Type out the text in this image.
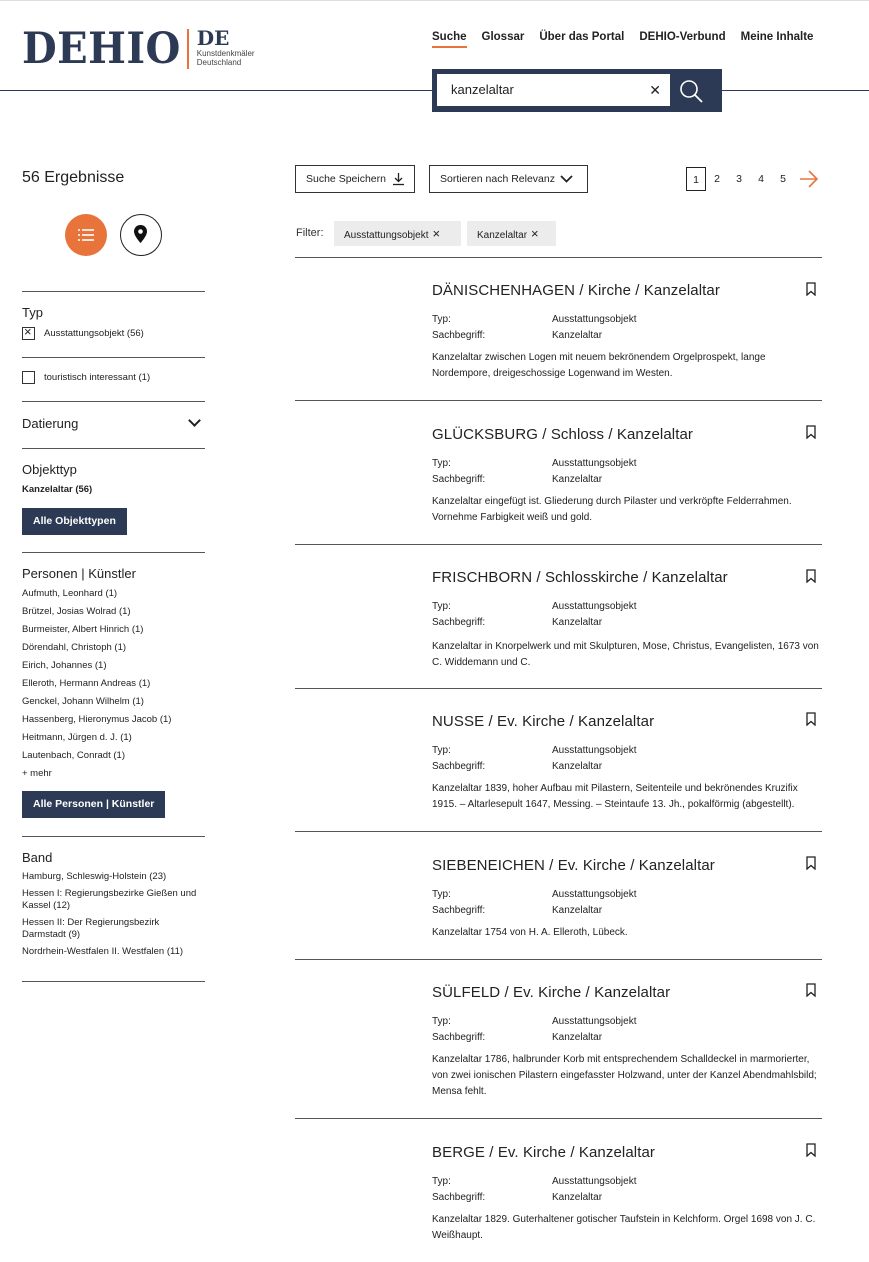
DEHIO DE
Kunstdenkmäler
Deutschland
Suche Glossar Über das Portal DEHIO-Verbund Meine Inhalte
kanzelaltar	✕
56 Ergebnisse
Typ
×
Ausstattungsobjekt (56)
touristisch interessant (1)
Datierung
Objekttyp
Kanzelaltar (56)
Alle Objekttypen
Personen | Künstler
Aufmuth, Leonhard (1)
Brützel, Josias Wolrad (1)
Burmeister, Albert Hinrich (1)
Dörendahl, Christoph (1)
Eirich, Johannes (1)
Elleroth, Hermann Andreas (1)
Genckel, Johann Wilhelm (1)
Hassenberg, Hieronymus Jacob (1)
Heitmann, Jürgen d. J. (1)
Lautenbach, Conradt (1)
+ mehr
Alle Personen | Künstler
Band
Hamburg, Schleswig-Holstein (23)
Hessen I: Regierungsbezirke Gießen und Kassel (12)
Hessen II: Der Regierungsbezirk Darmstadt (9)
Nordrhein-Westfalen II. Westfalen (11)
Suche Speichern	Sortieren nach Relevanz	1	2	3	4	5
Filter:	Ausstattungsobjekt ×	Kanzelaltar ×
DÄNISCHENHAGEN / Kirche / Kanzelaltar
Typ:	Ausstattungsobjekt
Sachbegriff:	Kanzelaltar
Kanzelaltar zwischen Logen mit neuem bekrönendem Orgelprospekt, lange Nordempore, dreigeschossige Logenwand im Westen.
GLÜCKSBURG / Schloss / Kanzelaltar
Typ:	Ausstattungsobjekt
Sachbegriff:	Kanzelaltar
Kanzelaltar eingefügt ist. Gliederung durch Pilaster und verkröpfte Felderrahmen. Vornehme Farbigkeit weiß und gold.
FRISCHBORN / Schlosskirche / Kanzelaltar
Typ:	Ausstattungsobjekt
Sachbegriff:	Kanzelaltar
Kanzelaltar in Knorpelwerk und mit Skulpturen, Mose, Christus, Evangelisten, 1673 von C. Widdemann und C.
NUSSE / Ev. Kirche / Kanzelaltar
Typ:	Ausstattungsobjekt
Sachbegriff:	Kanzelaltar
Kanzelaltar 1839, hoher Aufbau mit Pilastern, Seitenteile und bekrönendes Kruzifix 1915. – Altarlesepult 1647, Messing. – Steintaufe 13. Jh., pokalförmig (abgestellt).
SIEBENEICHEN / Ev. Kirche / Kanzelaltar
Typ:	Ausstattungsobjekt
Sachbegriff:	Kanzelaltar
Kanzelaltar 1754 von H. A. Elleroth, Lübeck.
SÜLFELD / Ev. Kirche / Kanzelaltar
Typ:	Ausstattungsobjekt
Sachbegriff:	Kanzelaltar
Kanzelaltar 1786, halbrunder Korb mit entsprechendem Schalldeckel in marmorierter, von zwei ionischen Pilastern eingefasster Holzwand, unter der Kanzel Abendmahlsbild; Mensa fehlt.
BERGE / Ev. Kirche / Kanzelaltar
Typ:	Ausstattungsobjekt
Sachbegriff:	Kanzelaltar
Kanzelaltar 1829. Guterhaltener gotischer Taufstein in Kelchform. Orgel 1698 von J. C. Weißhaupt.
